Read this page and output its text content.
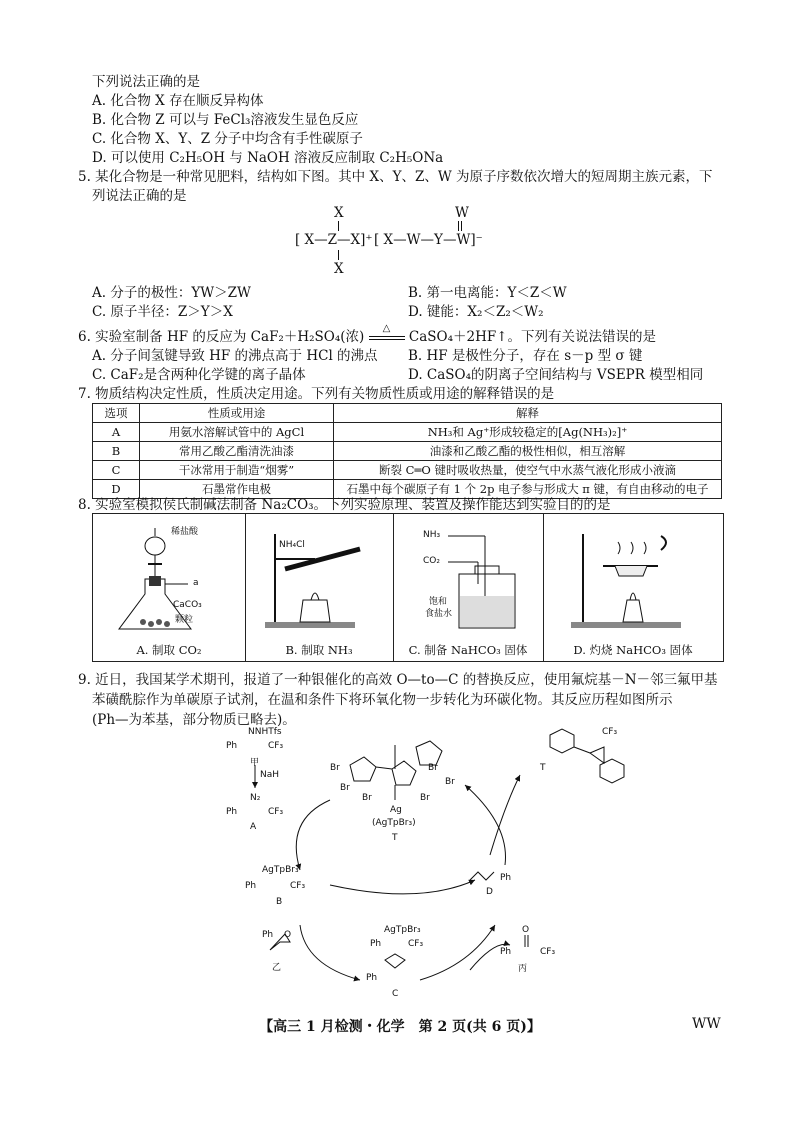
下列说法正确的是
A. 化合物 X 存在顺反异构体
B. 化合物 Z 可以与 FeCl₃溶液发生显色反应
C. 化合物 X、Y、Z 分子中均含有手性碳原子
D. 可以使用 C₂H₅OH 与 NaOH 溶液反应制取 C₂H₅ONa
5. 某化合物是一种常见肥料，结构如下图。其中 X、Y、Z、W 为原子序数依次增大的短周期主族元素，下
列说法正确的是
X
[ X—Z—X]⁺
X
W
[ X—W—Y—W]⁻
A. 分子的极性：YW＞ZW	B. 第一电离能：Y＜Z＜W
C. 原子半径：Z＞Y＞X	D. 键能：X₂＜Z₂＜W₂
6. 实验室制备 HF 的反应为 CaF₂＋H₂SO₄(浓)
△
CaSO₄＋2HF↑。下列有关说法错误的是
A. 分子间氢键导致 HF 的沸点高于 HCl 的沸点 B. HF 是极性分子，存在 s－p 型 σ 键
C. CaF₂是含两种化学键的离子晶体	D. CaSO₄的阴离子空间结构与 VSEPR 模型相同
7. 物质结构决定性质，性质决定用途。下列有关物质性质或用途的解释错误的是
选项	性质或用途	解释
A	用氨水溶解试管中的 AgCl	NH₃和 Ag⁺形成较稳定的[Ag(NH₃)₂]⁺
B	常用乙酸乙酯清洗油漆	油漆和乙酸乙酯的极性相似，相互溶解
C	干冰常用于制造“烟雾”	断裂 C═O 键时吸收热量，使空气中水蒸气液化形成小液滴
D	石墨常作电极	石墨中每个碳原子有 1 个 2p 电子参与形成大 π 键，有自由移动的电子
8. 实验室模拟侯氏制碱法制备 Na₂CO₃。下列实验原理、装置及操作能达到实验目的的是
稀盐酸
a
CaCO₃
颗粒
A. 制取 CO₂
NH₄Cl
B. 制取 NH₃
NH₃
CO₂
饱和
食盐水
C. 制备 NaHCO₃ 固体	D. 灼烧 NaHCO₃ 固体
9. 近日，我国某学术期刊，报道了一种银催化的高效 O—to—C 的替换反应，使用氟烷基－N－邻三氟甲基
苯磺酰腙作为单碳原子试剂，在温和条件下将环氧化物一步转化为环碳化物。其反应历程如图所示
(Ph—为苯基，部分物质已略去)。
NNHTfs
Ph	CF₃
甲
NaH
N₂
Ph	CF₃
A
Br
Br
Br
Br
Br
Br
Ag
(AgTpBr₃)
T
CF₃
T
AgTpBr₃
Ph	CF₃
B
Ph
D
Ph O
乙
AgTpBr₃
Ph	CF₃
Ph
C
O
Ph	CF₃
丙
【高三 1 月检测・化学　第 2 页(共 6 页)】	WW
